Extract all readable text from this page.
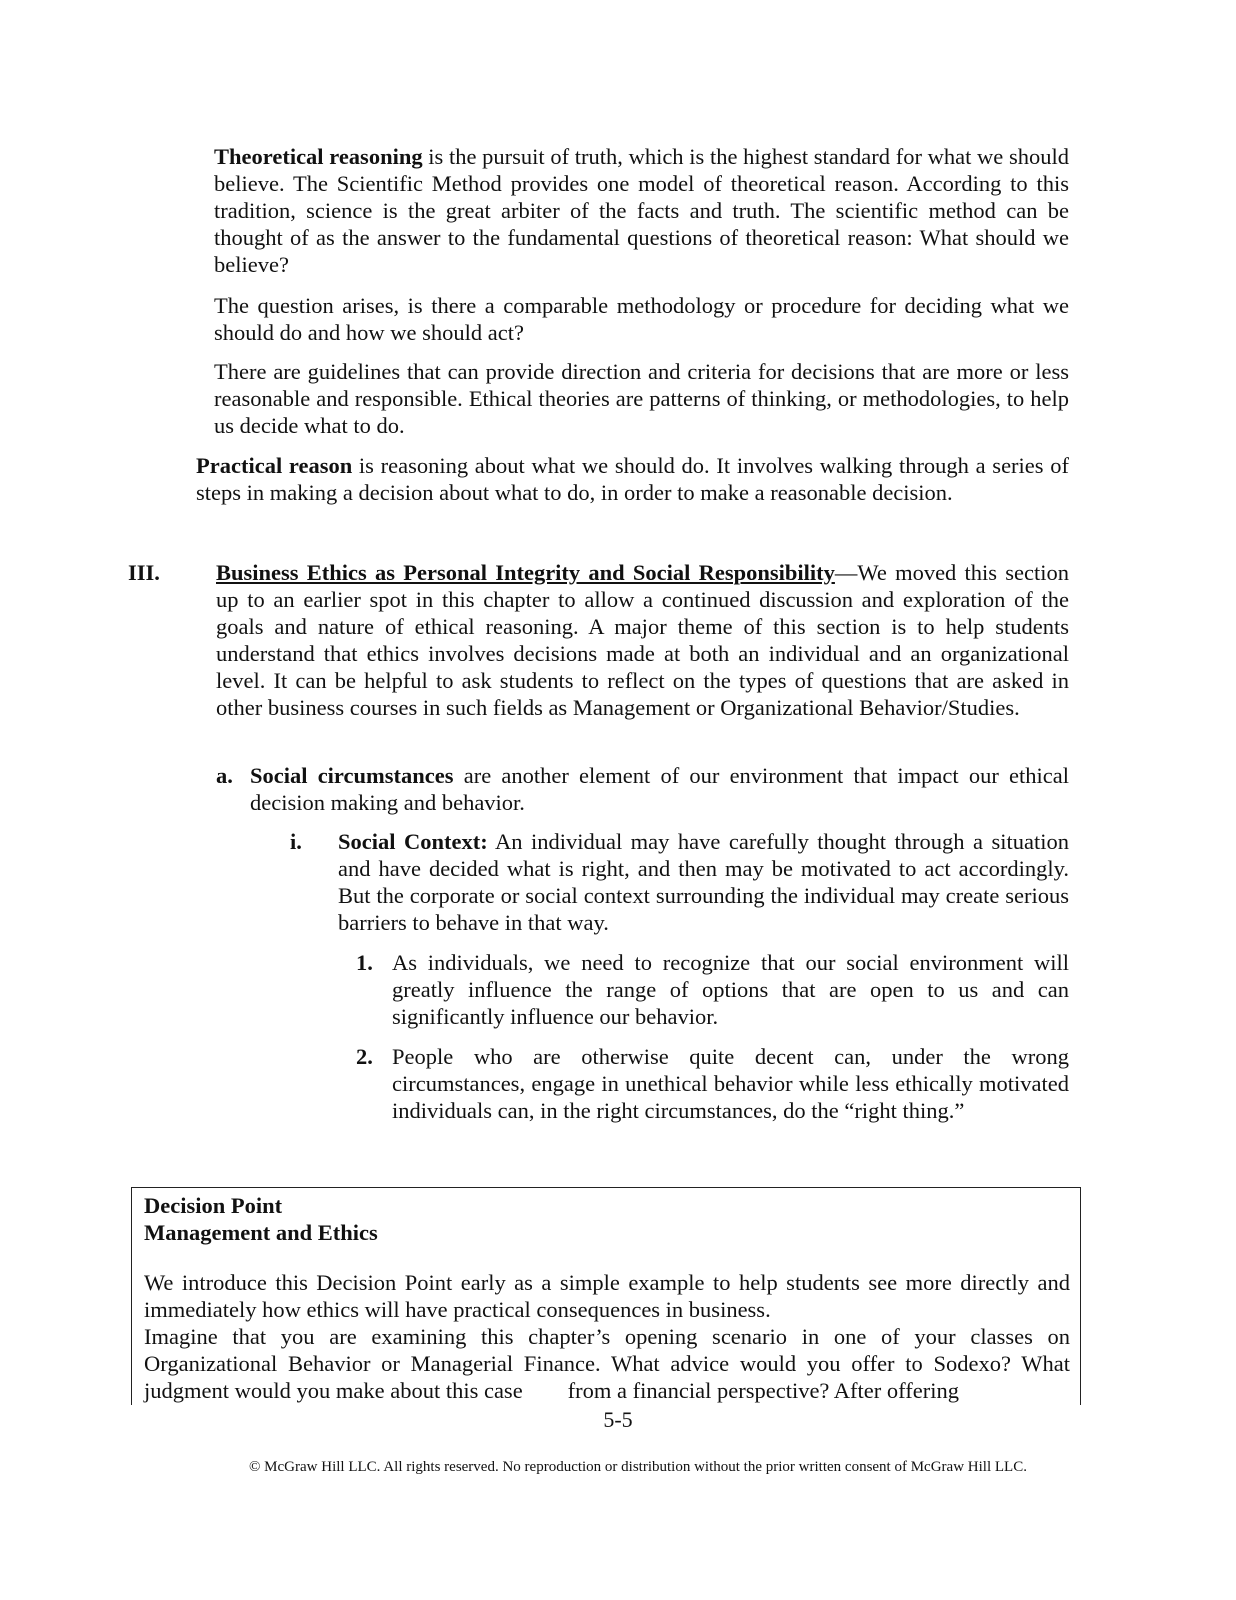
Theoretical reasoning is the pursuit of truth, which is the highest standard for what we should believe. The Scientific Method provides one model of theoretical reason. According to this tradition, science is the great arbiter of the facts and truth. The scientific method can be thought of as the answer to the fundamental questions of theoretical reason: What should we believe?

The question arises, is there a comparable methodology or procedure for deciding what we should do and how we should act?

There are guidelines that can provide direction and criteria for decisions that are more or less reasonable and responsible. Ethical theories are patterns of thinking, or methodologies, to help us decide what to do.

Practical reason is reasoning about what we should do. It involves walking through a series of steps in making a decision about what to do, in order to make a reasonable decision.

III. Business Ethics as Personal Integrity and Social Responsibility—We moved this section up to an earlier spot in this chapter to allow a continued discussion and exploration of the goals and nature of ethical reasoning. A major theme of this section is to help students understand that ethics involves decisions made at both an individual and an organizational level. It can be helpful to ask students to reflect on the types of questions that are asked in other business courses in such fields as Management or Organizational Behavior/Studies.

a. Social circumstances are another element of our environment that impact our ethical decision making and behavior.

i. Social Context: An individual may have carefully thought through a situation and have decided what is right, and then may be motivated to act accordingly. But the corporate or social context surrounding the individual may create serious barriers to behave in that way.

1. As individuals, we need to recognize that our social environment will greatly influence the range of options that are open to us and can significantly influence our behavior.

2. People who are otherwise quite decent can, under the wrong circumstances, engage in unethical behavior while less ethically motivated individuals can, in the right circumstances, do the “right thing.”

Decision Point

Management and Ethics

We introduce this Decision Point early as a simple example to help students see more directly and immediately how ethics will have practical consequences in business.

Imagine that you are examining this chapter’s opening scenario in one of your classes on Organizational Behavior or Managerial Finance. What advice would you offer to Sodexo? What judgment would you make about this case        from a financial perspective? After offering

5-5

© McGraw Hill LLC. All rights reserved. No reproduction or distribution without the prior written consent of McGraw Hill LLC.
